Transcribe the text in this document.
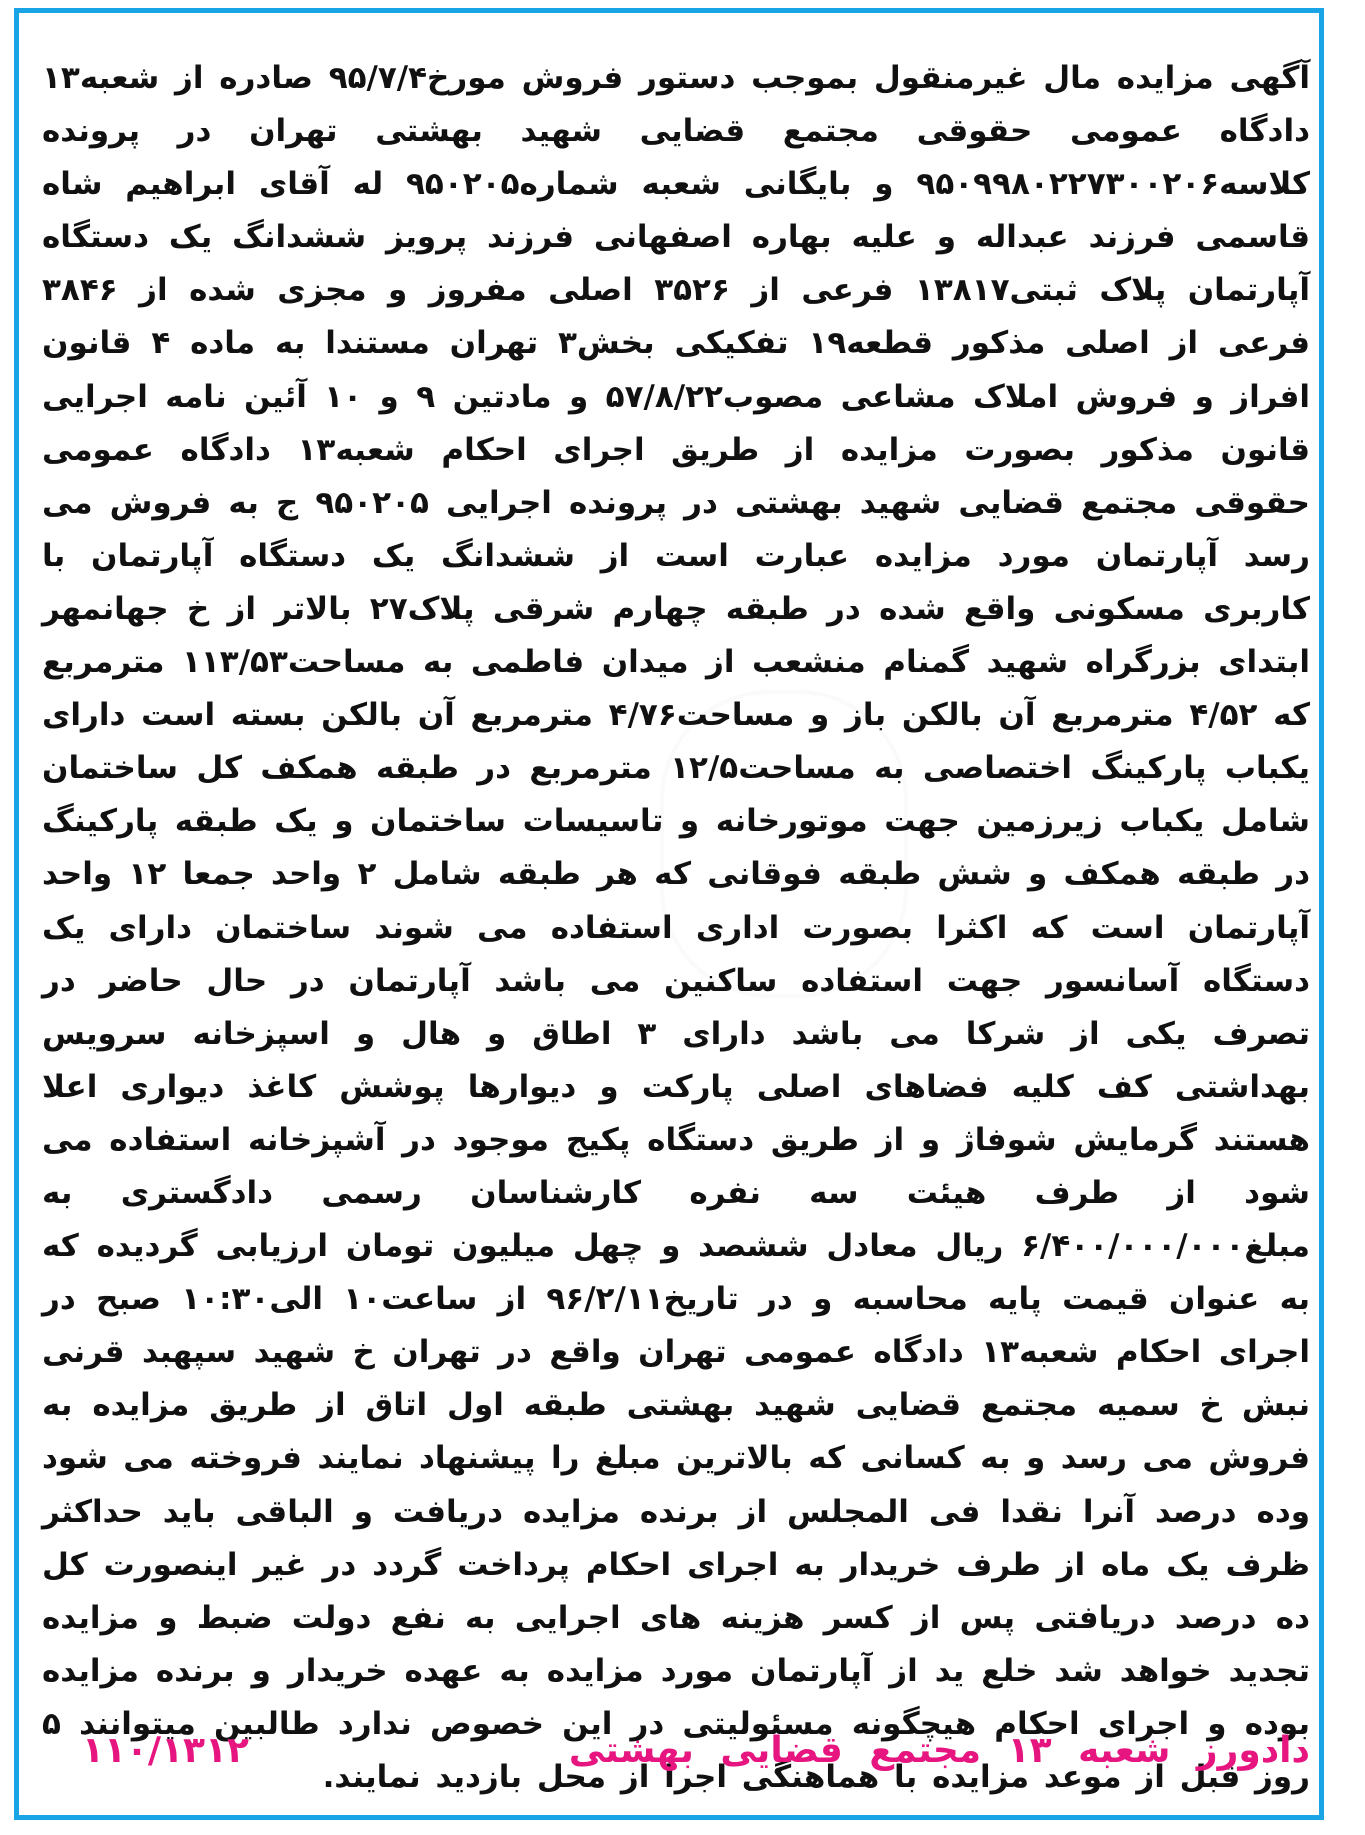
آگهی مزایده مال غیرمنقول بموجب دستور فروش مورخ۹۵/۷/۴ صادره از شعبه۱۳ دادگاه عمومی حقوقی مجتمع قضایی شهید بهشتی تهران در پرونده کلاسه۹۵۰۹۹۸۰۲۲۷۳۰۰۲۰۶ و بایگانی شعبه شماره۹۵۰۲۰۵ له آقای ابراهیم شاه قاسمی فرزند عبداله و علیه بهاره اصفهانی فرزند پرویز ششدانگ یک دستگاه آپارتمان پلاک ثبتی۱۳۸۱۷ فرعی از ۳۵۲۶ اصلی مفروز و مجزی شده از ۳۸۴۶ فرعی از اصلی مذکور قطعه۱۹ تفکیکی بخش۳ تهران مستندا به ماده ۴ قانون افراز و فروش املاک مشاعی مصوب۵۷/۸/۲۲ و مادتین ۹ و ۱۰ آئین نامه اجرایی قانون مذکور بصورت مزایده از طریق اجرای احکام شعبه۱۳ دادگاه عمومی حقوقی مجتمع قضایی شهید بهشتی در پرونده اجرایی ۹۵۰۲۰۵ ج به فروش می رسد آپارتمان مورد مزایده عبارت است از ششدانگ یک دستگاه آپارتمان با کاربری مسکونی واقع شده در طبقه چهارم شرقی پلاک۲۷ بالاتر از خ جهانمهر ابتدای بزرگراه شهید گمنام منشعب از میدان فاطمی به مساحت۱۱۳/۵۳ مترمربع که ۴/۵۲ مترمربع آن بالکن باز و مساحت۴/۷۶ مترمربع آن بالکن بسته است دارای یکباب پارکینگ اختصاصی به مساحت۱۲/۵ مترمربع در طبقه همکف کل ساختمان شامل یکباب زیرزمین جهت موتورخانه و تاسیسات ساختمان و یک طبقه پارکینگ در طبقه همکف و شش طبقه فوقانی که هر طبقه شامل ۲ واحد جمعا ۱۲ واحد آپارتمان است که اکثرا بصورت اداری استفاده می شوند ساختمان دارای یک دستگاه آسانسور جهت استفاده ساکنین می باشد آپارتمان در حال حاضر در تصرف یکی از شرکا می باشد دارای ۳ اطاق و هال و اسپزخانه سرویس بهداشتی کف کلیه فضاهای اصلی پارکت و دیوارها پوشش کاغذ دیواری اعلا هستند گرمایش شوفاژ و از طریق دستگاه پکیج موجود در آشپزخانه استفاده می شود از طرف هیئت سه نفره کارشناسان رسمی دادگستری به مبلغ۶/۴۰۰/۰۰۰/۰۰۰ ریال معادل ششصد و چهل میلیون تومان ارزیابی گردیده که به عنوان قیمت پایه محاسبه و در تاریخ۹۶/۲/۱۱ از ساعت۱۰ الی۱۰:۳۰ صبح در اجرای احکام شعبه۱۳ دادگاه عمومی تهران واقع در تهران خ شهید سپهبد قرنی نبش خ سمیه مجتمع قضایی شهید بهشتی طبقه اول اتاق از طریق مزایده به فروش می رسد و به کسانی که بالاترین مبلغ را پیشنهاد نمایند فروخته می شود وده درصد آنرا نقدا فی المجلس از برنده مزایده دریافت و الباقی باید حداکثر ظرف یک ماه از طرف خریدار به اجرای احکام پرداخت گردد در غیر اینصورت کل ده درصد دریافتی پس از کسر هزینه های اجرایی به نفع دولت ضبط و مزایده تجدید خواهد شد خلع ید از آپارتمان مورد مزایده به عهده خریدار و برنده مزایده بوده و اجرای احکام هیچگونه مسئولیتی در این خصوص ندارد طالبین میتوانند ۵ روز قبل از موعد مزایده با هماهنگی اجرا از محل بازدید نمایند.
دادورز شعبه ۱۳ مجتمع قضایی بهشتی
۱۱۰/۱۳۱۲
